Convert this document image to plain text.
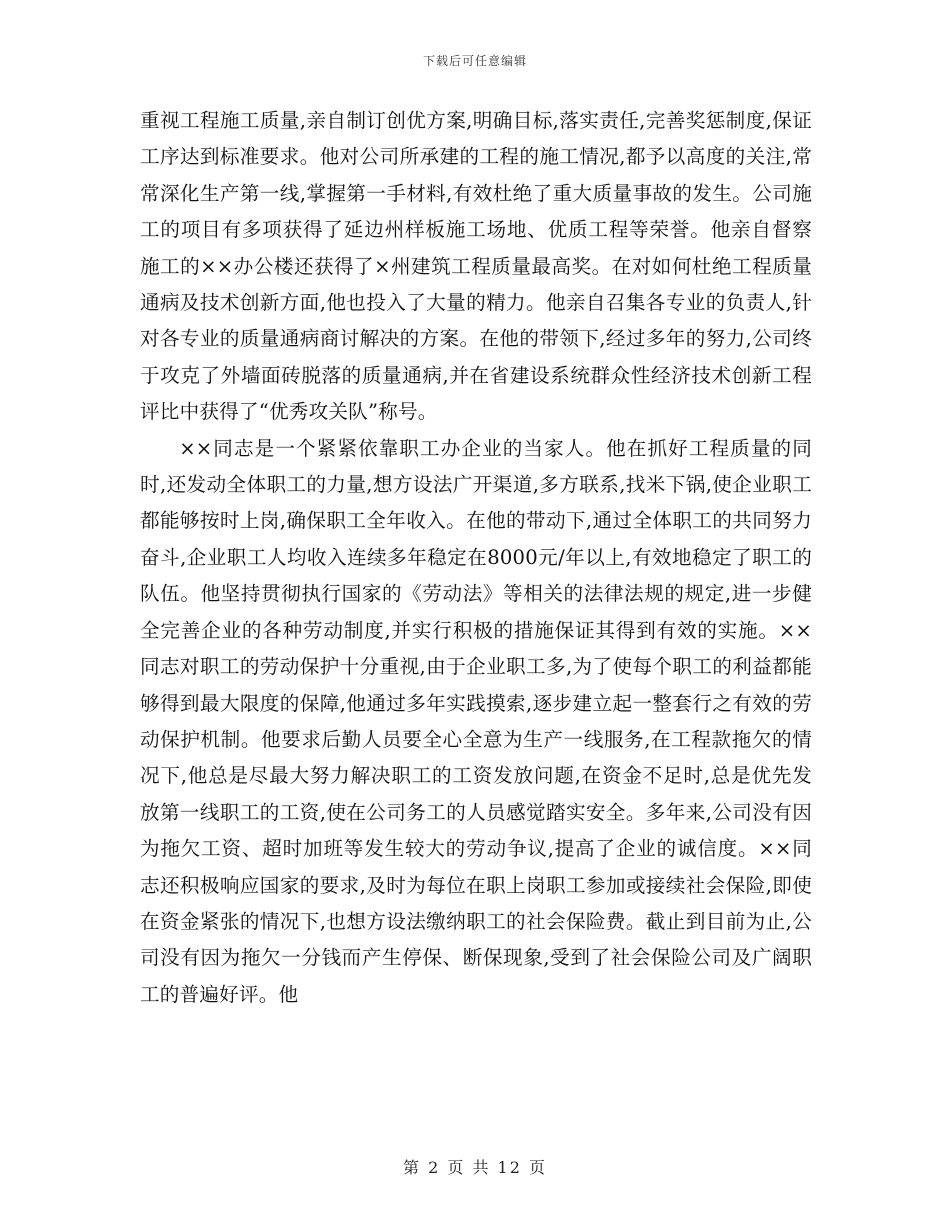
下载后可任意编辑

重视工程施工质量,亲自制订创优方案,明确目标,落实责任,完善奖惩制度,保证工序达到标准要求。他对公司所承建的工程的施工情况,都予以高度的关注,常常深化生产第一线,掌握第一手材料,有效杜绝了重大质量事故的发生。公司施工的项目有多项获得了延边州样板施工场地、优质工程等荣誉。他亲自督察施工的××办公楼还获得了×州建筑工程质量最高奖。在对如何杜绝工程质量通病及技术创新方面,他也投入了大量的精力。他亲自召集各专业的负责人,针对各专业的质量通病商讨解决的方案。在他的带领下,经过多年的努力,公司终于攻克了外墙面砖脱落的质量通病,并在省建设系统群众性经济技术创新工程评比中获得了“优秀攻关队”称号。

××同志是一个紧紧依靠职工办企业的当家人。他在抓好工程质量的同时,还发动全体职工的力量,想方设法广开渠道,多方联系,找米下锅,使企业职工都能够按时上岗,确保职工全年收入。在他的带动下,通过全体职工的共同努力奋斗,企业职工人均收入连续多年稳定在8000元/年以上,有效地稳定了职工的队伍。他坚持贯彻执行国家的《劳动法》等相关的法律法规的规定,进一步健全完善企业的各种劳动制度,并实行积极的措施保证其得到有效的实施。××同志对职工的劳动保护十分重视,由于企业职工多,为了使每个职工的利益都能够得到最大限度的保障,他通过多年实践摸索,逐步建立起一整套行之有效的劳动保护机制。他要求后勤人员要全心全意为生产一线服务,在工程款拖欠的情况下,他总是尽最大努力解决职工的工资发放问题,在资金不足时,总是优先发放第一线职工的工资,使在公司务工的人员感觉踏实安全。多年来,公司没有因为拖欠工资、超时加班等发生较大的劳动争议,提高了企业的诚信度。××同志还积极响应国家的要求,及时为每位在职上岗职工参加或接续社会保险,即使在资金紧张的情况下,也想方设法缴纳职工的社会保险费。截止到目前为止,公司没有因为拖欠一分钱而产生停保、断保现象,受到了社会保险公司及广阔职工的普遍好评。他

第 2 页 共 12 页
